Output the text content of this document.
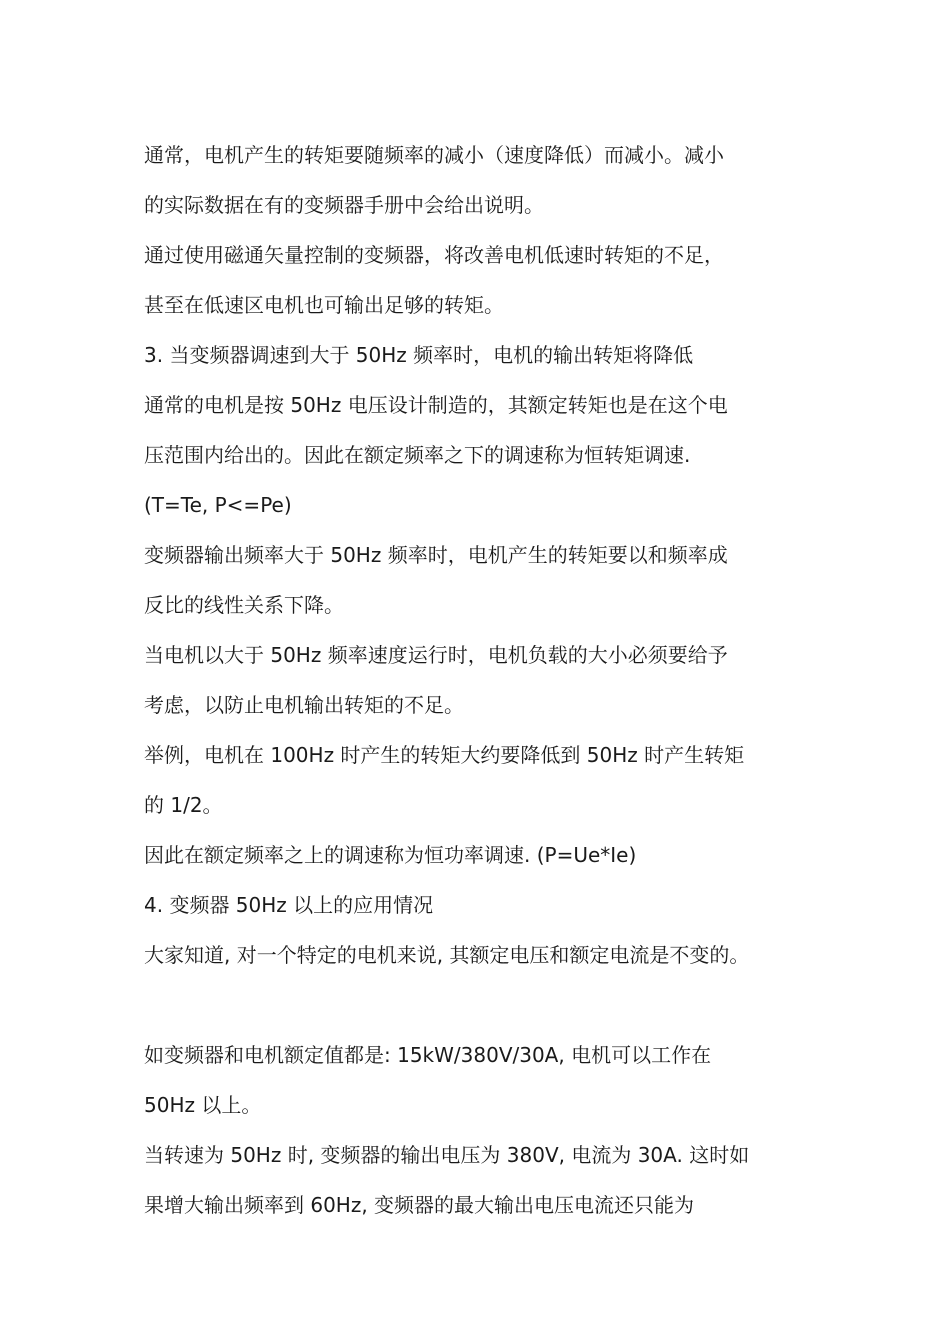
通常，电机产生的转矩要随频率的减小（速度降低）而减小。减小
的实际数据在有的变频器手册中会给出说明。
通过使用磁通矢量控制的变频器，将改善电机低速时转矩的不足，
甚至在低速区电机也可输出足够的转矩。
3. 当变频器调速到大于 50Hz 频率时，电机的输出转矩将降低
通常的电机是按 50Hz 电压设计制造的，其额定转矩也是在这个电
压范围内给出的。因此在额定频率之下的调速称为恒转矩调速.
(T=Te, P<=Pe)
变频器输出频率大于 50Hz 频率时，电机产生的转矩要以和频率成
反比的线性关系下降。
当电机以大于 50Hz 频率速度运行时，电机负载的大小必须要给予
考虑，以防止电机输出转矩的不足。
举例，电机在 100Hz 时产生的转矩大约要降低到 50Hz 时产生转矩
的 1/2。
因此在额定频率之上的调速称为恒功率调速. (P=Ue*Ie)
4. 变频器 50Hz 以上的应用情况
大家知道, 对一个特定的电机来说, 其额定电压和额定电流是不变的。
如变频器和电机额定值都是: 15kW/380V/30A, 电机可以工作在
50Hz 以上。
当转速为 50Hz 时, 变频器的输出电压为 380V, 电流为 30A. 这时如
果增大输出频率到 60Hz, 变频器的最大输出电压电流还只能为
